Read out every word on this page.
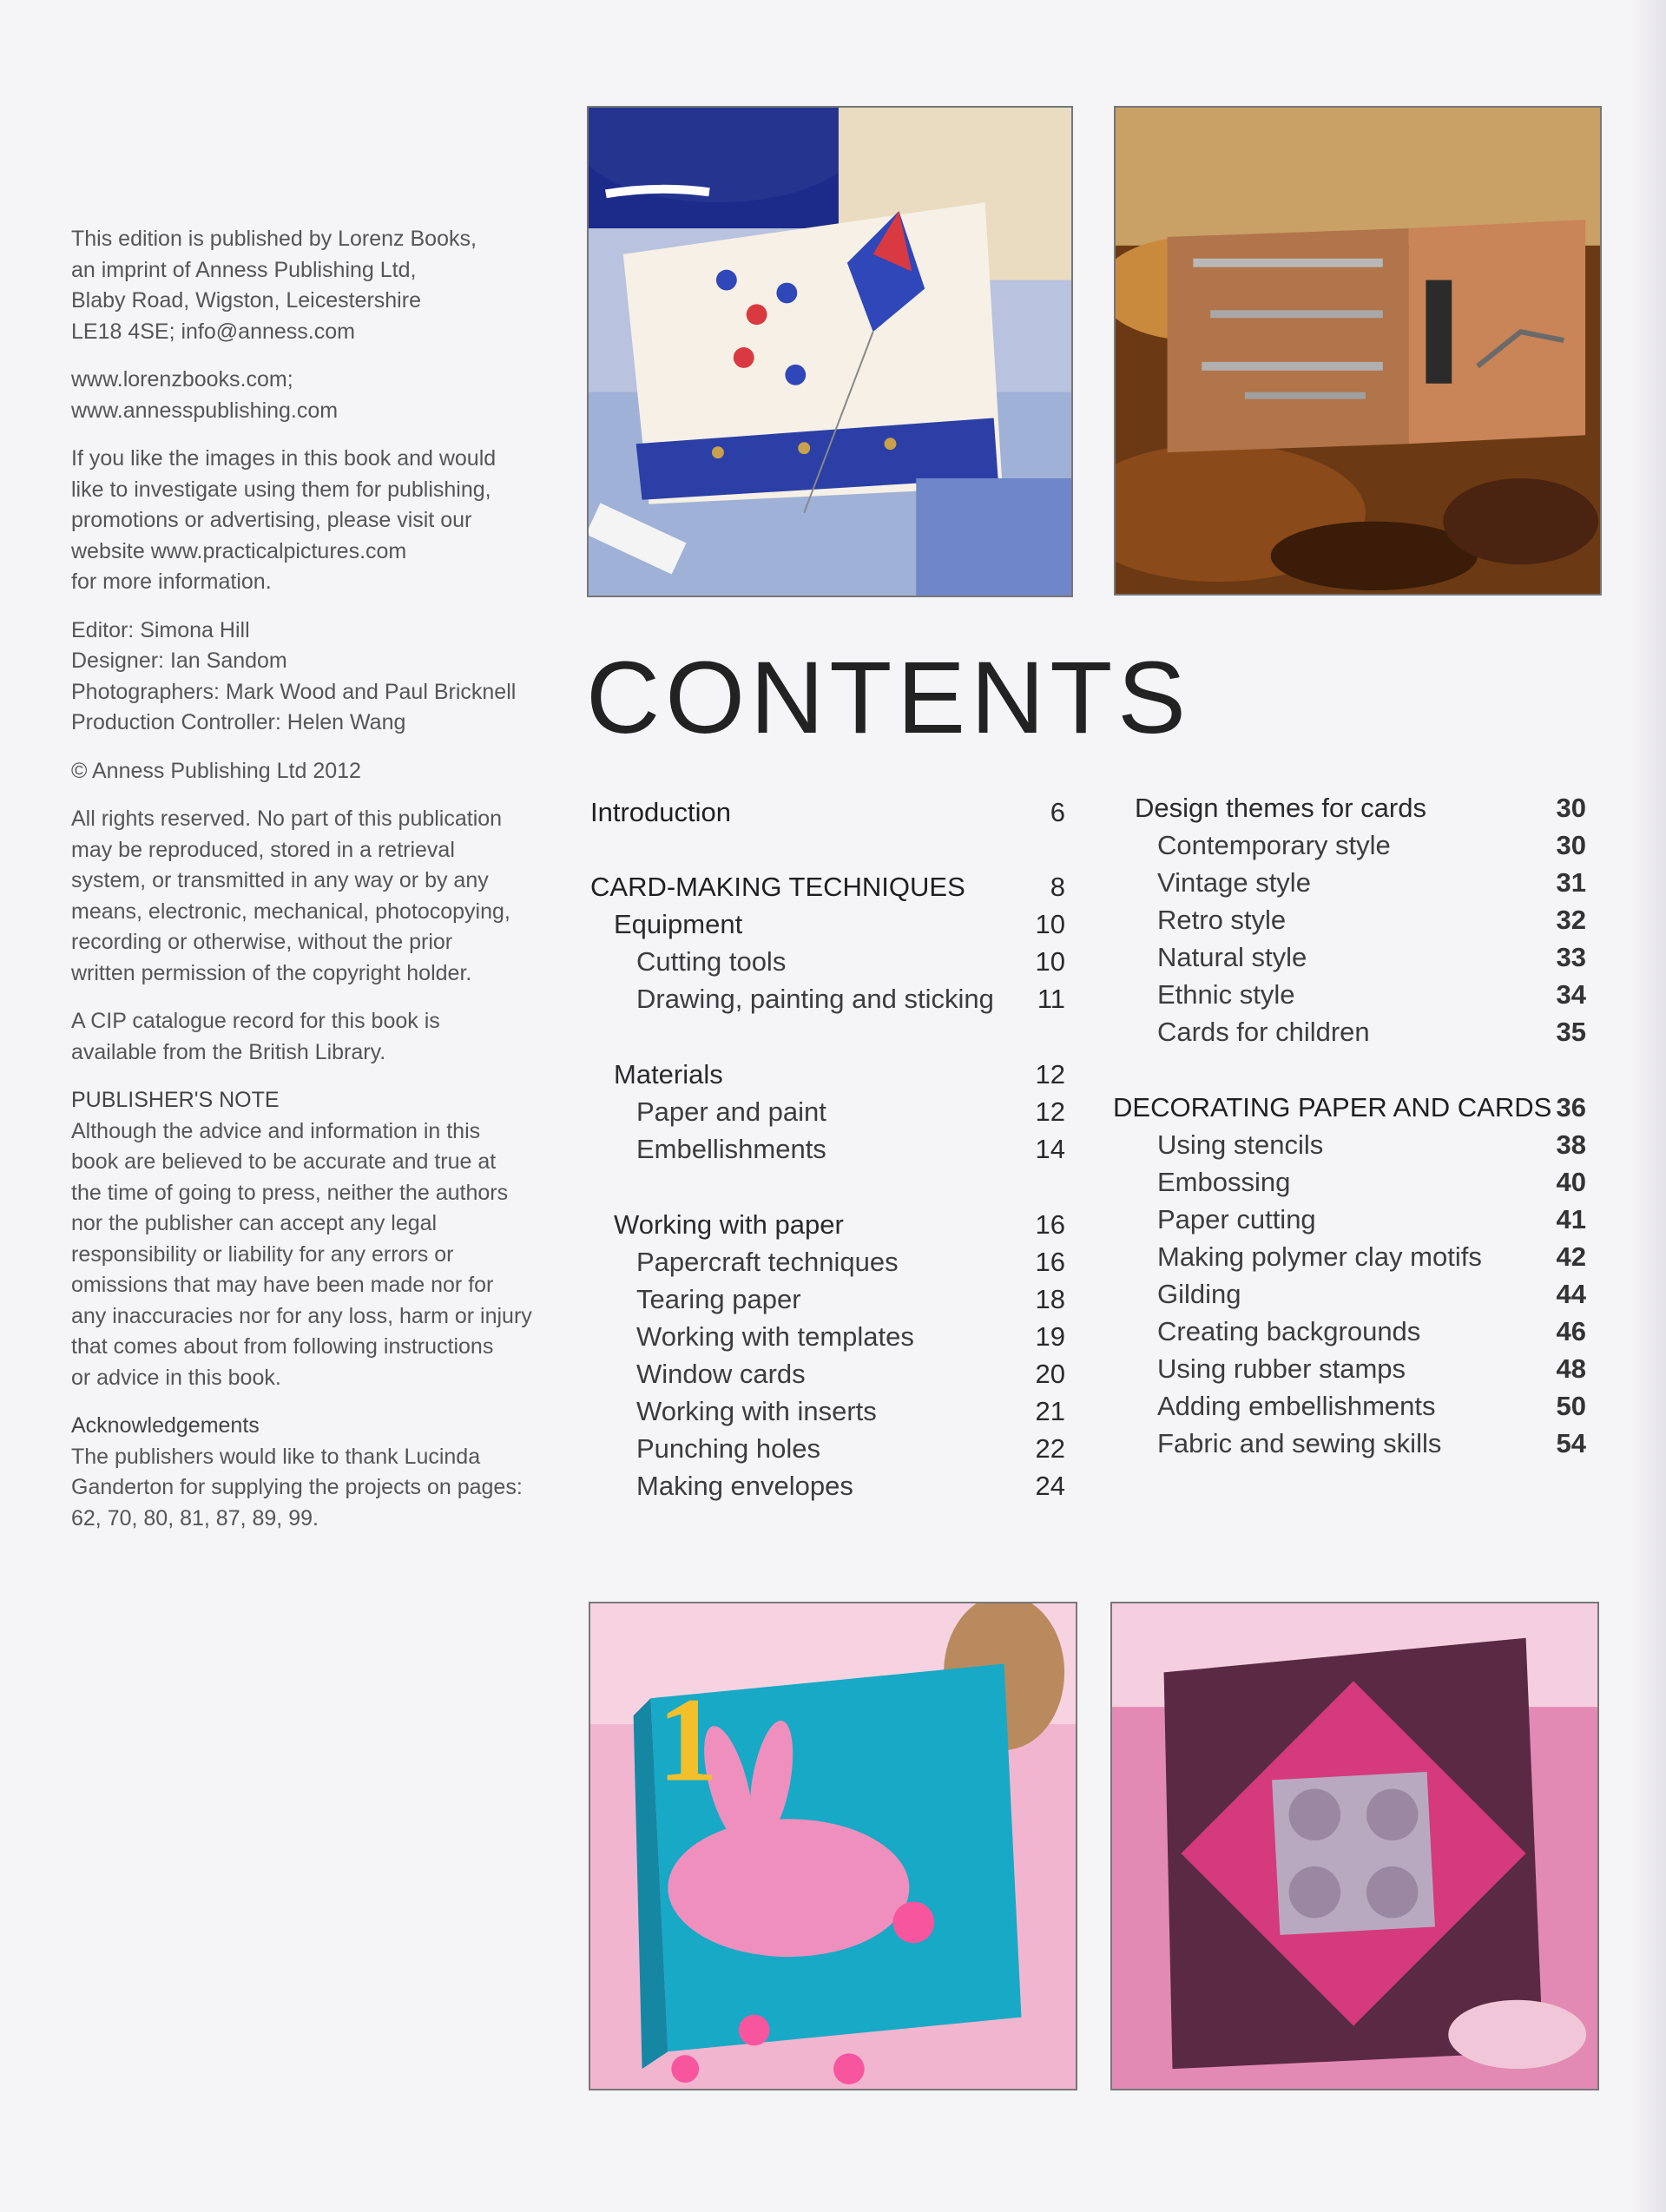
This edition is published by Lorenz Books,
an imprint of Anness Publishing Ltd,
Blaby Road, Wigston, Leicestershire
LE18 4SE; info@anness.com

www.lorenzbooks.com;
www.annesspublishing.com

If you like the images in this book and would
like to investigate using them for publishing,
promotions or advertising, please visit our
website www.practicalpictures.com
for more information.

Editor: Simona Hill
Designer: Ian Sandom
Photographers: Mark Wood and Paul Bricknell
Production Controller: Helen Wang

© Anness Publishing Ltd 2012

All rights reserved. No part of this publication
may be reproduced, stored in a retrieval
system, or transmitted in any way or by any
means, electronic, mechanical, photocopying,
recording or otherwise, without the prior
written permission of the copyright holder.

A CIP catalogue record for this book is
available from the British Library.

PUBLISHER'S NOTE
Although the advice and information in this
book are believed to be accurate and true at
the time of going to press, neither the authors
nor the publisher can accept any legal
responsibility or liability for any errors or
omissions that may have been made nor for
any inaccuracies nor for any loss, harm or injury
that comes about from following instructions
or advice in this book.

Acknowledgements
The publishers would like to thank Lucinda
Ganderton for supplying the projects on pages:
62, 70, 80, 81, 87, 89, 99.

CONTENTS
Introduction	6
CARD-MAKING TECHNIQUES	8
Equipment	10
Cutting tools	10
Drawing, painting and sticking	11
Materials	12
Paper and paint	12
Embellishments	14
Working with paper	16
Papercraft techniques	16
Tearing paper	18
Working with templates	19
Window cards	20
Working with inserts	21
Punching holes	22
Making envelopes	24
Design themes for cards	30
Contemporary style	30
Vintage style	31
Retro style	32
Natural style	33
Ethnic style	34
Cards for children	35
DECORATING PAPER AND CARDS 36
Using stencils	38
Embossing	40
Paper cutting	41
Making polymer clay motifs	42
Gilding	44
Creating backgrounds	46
Using rubber stamps	48
Adding embellishments	50
Fabric and sewing skills	54
1
